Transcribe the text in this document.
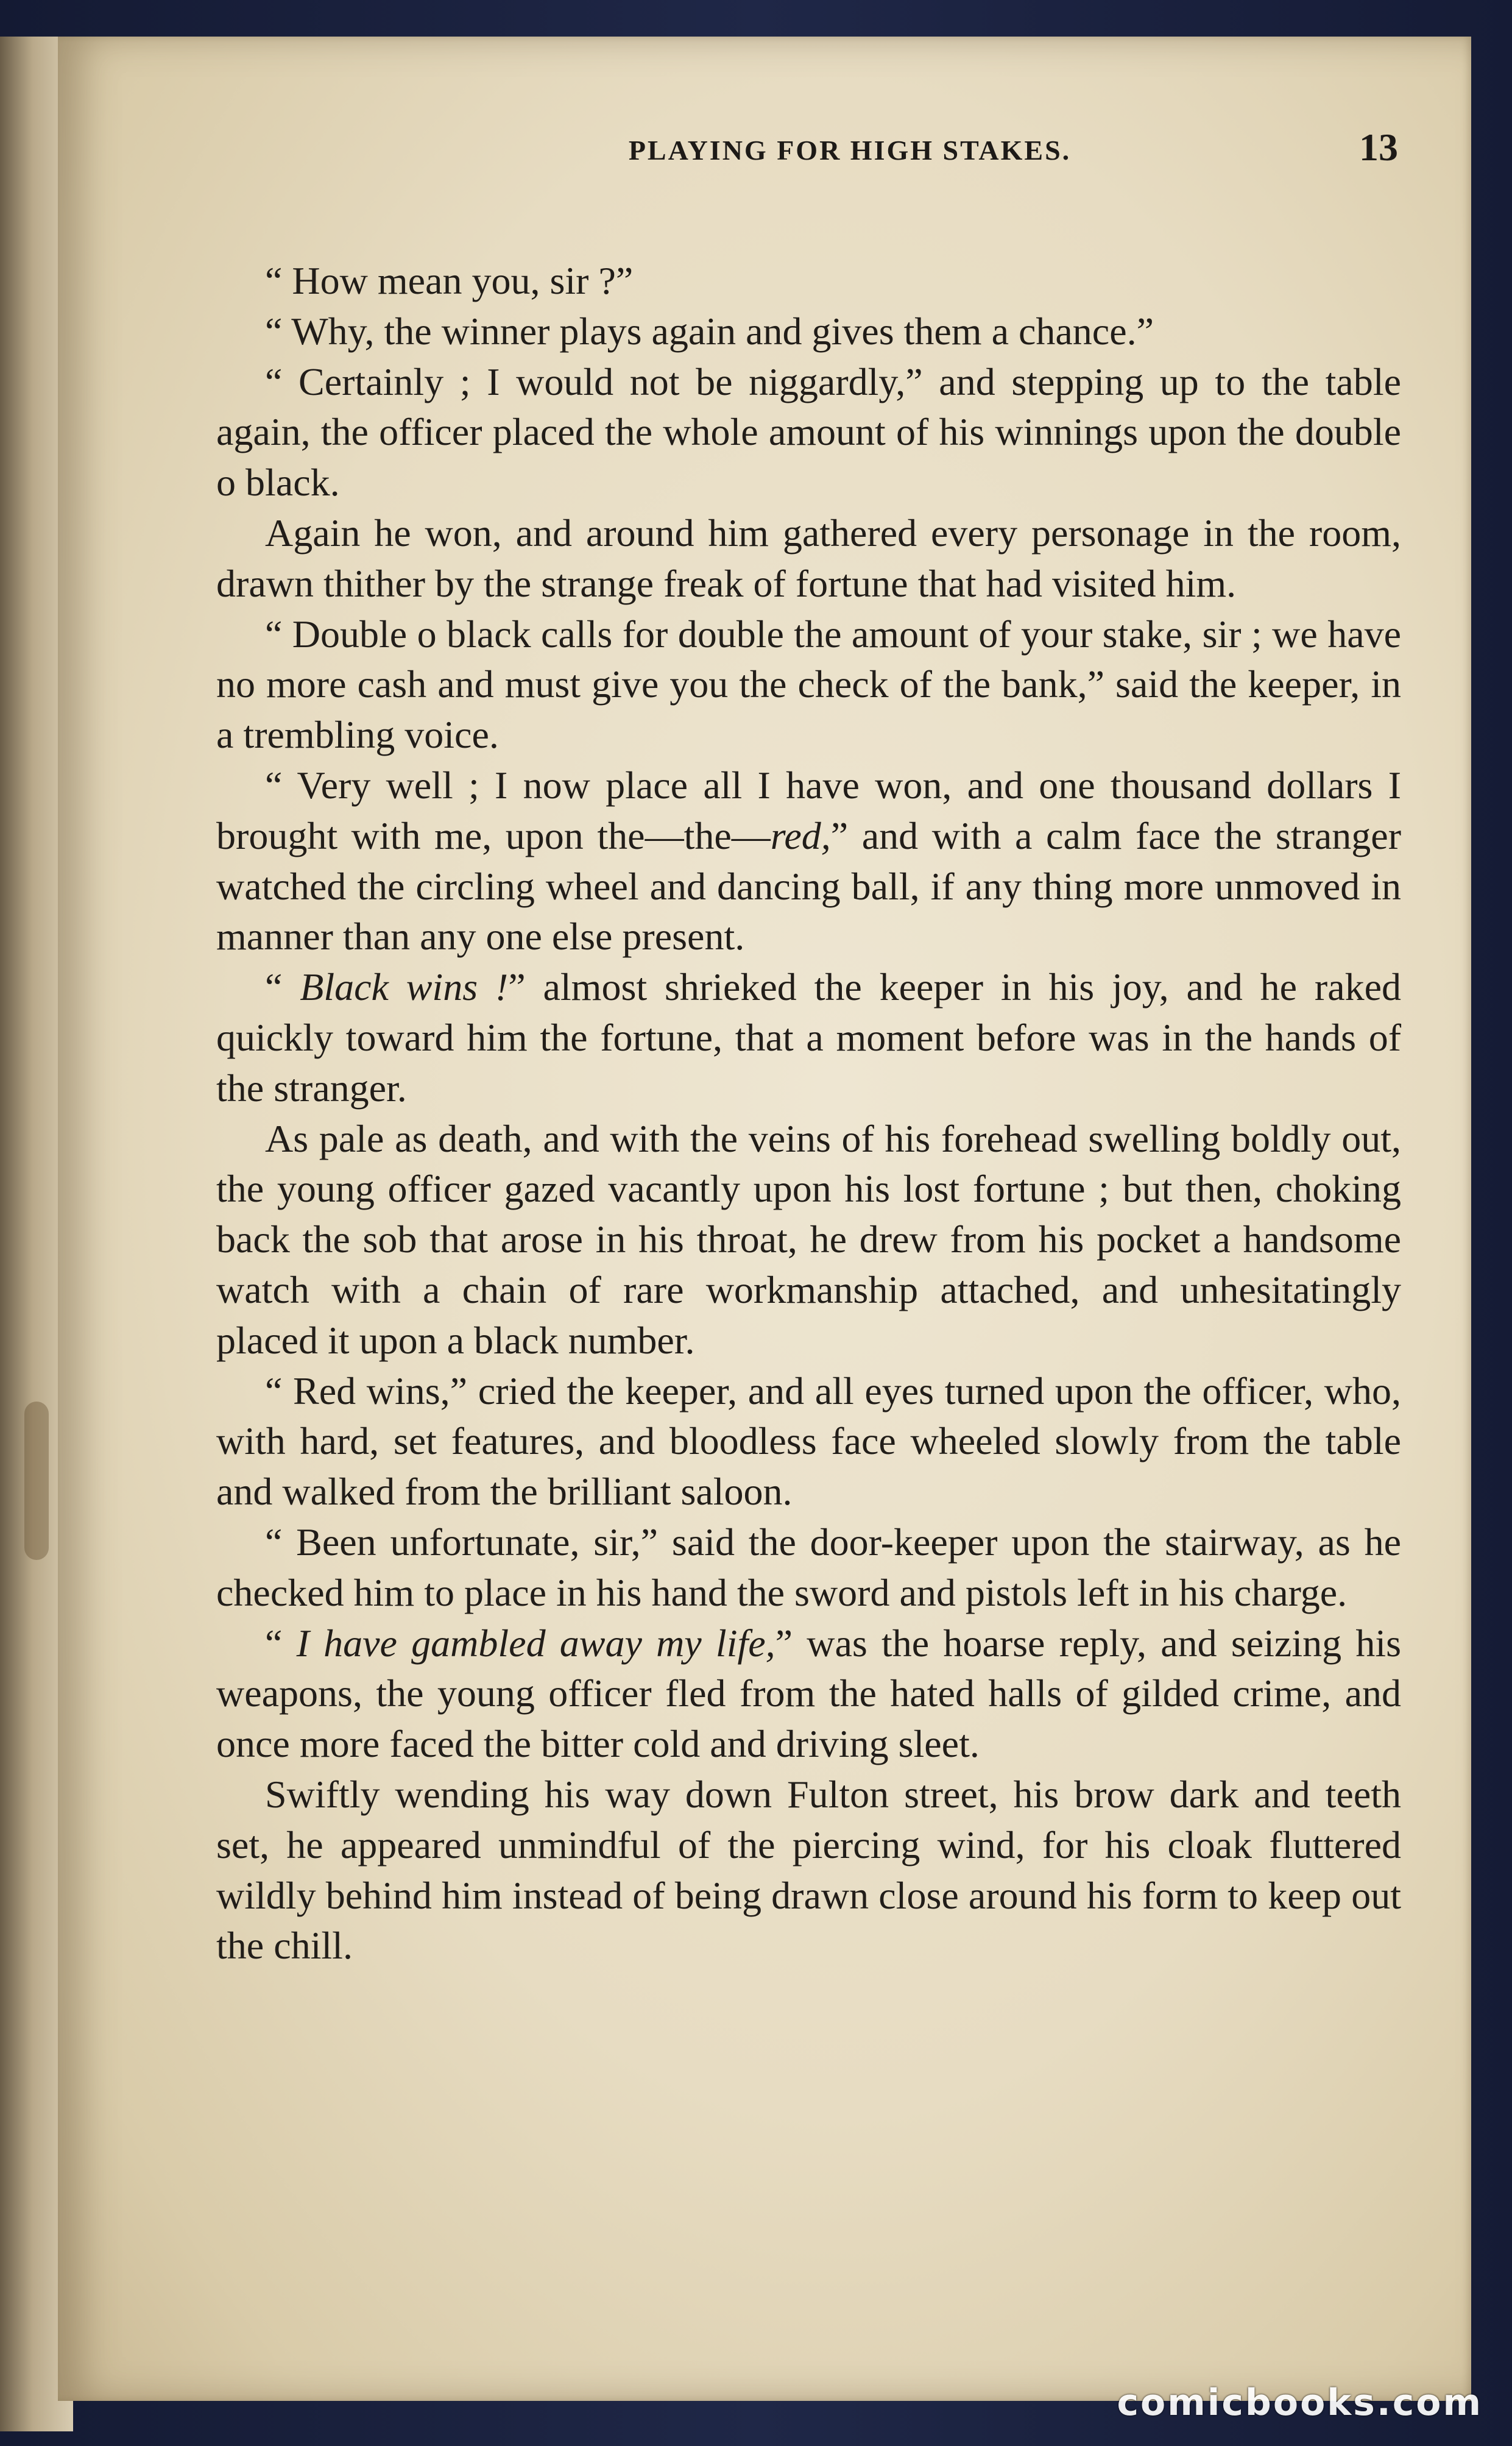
PLAYING FOR HIGH STAKES.	13

“ How mean you, sir ?”

“ Why, the winner plays again and gives them a chance.”

“ Certainly ; I would not be niggardly,” and stepping up to the table again, the officer placed the whole amount of his winnings upon the double o black.

Again he won, and around him gathered every personage in the room, drawn thither by the strange freak of fortune that had visited him.

“ Double o black calls for double the amount of your stake, sir ; we have no more cash and must give you the check of the bank,” said the keeper, in a trembling voice.

“ Very well ; I now place all I have won, and one thousand dollars I brought with me, upon the—the—red,” and with a calm face the stranger watched the circling wheel and dancing ball, if any thing more unmoved in manner than any one else present.

“ Black wins !” almost shrieked the keeper in his joy, and he raked quickly toward him the fortune, that a moment before was in the hands of the stranger.

As pale as death, and with the veins of his forehead swelling boldly out, the young officer gazed vacantly upon his lost fortune ; but then, choking back the sob that arose in his throat, he drew from his pocket a handsome watch with a chain of rare workmanship attached, and unhesitatingly placed it upon a black number.

“ Red wins,” cried the keeper, and all eyes turned upon the officer, who, with hard, set features, and bloodless face wheeled slowly from the table and walked from the brilliant saloon.

“ Been unfortunate, sir,” said the door-keeper upon the stairway, as he checked him to place in his hand the sword and pistols left in his charge.

“ I have gambled away my life,” was the hoarse reply, and seizing his weapons, the young officer fled from the hated halls of gilded crime, and once more faced the bitter cold and driving sleet.

Swiftly wending his way down Fulton street, his brow dark and teeth set, he appeared unmindful of the piercing wind, for his cloak fluttered wildly behind him instead of being drawn close around his form to keep out the chill.

comicbooks.com
